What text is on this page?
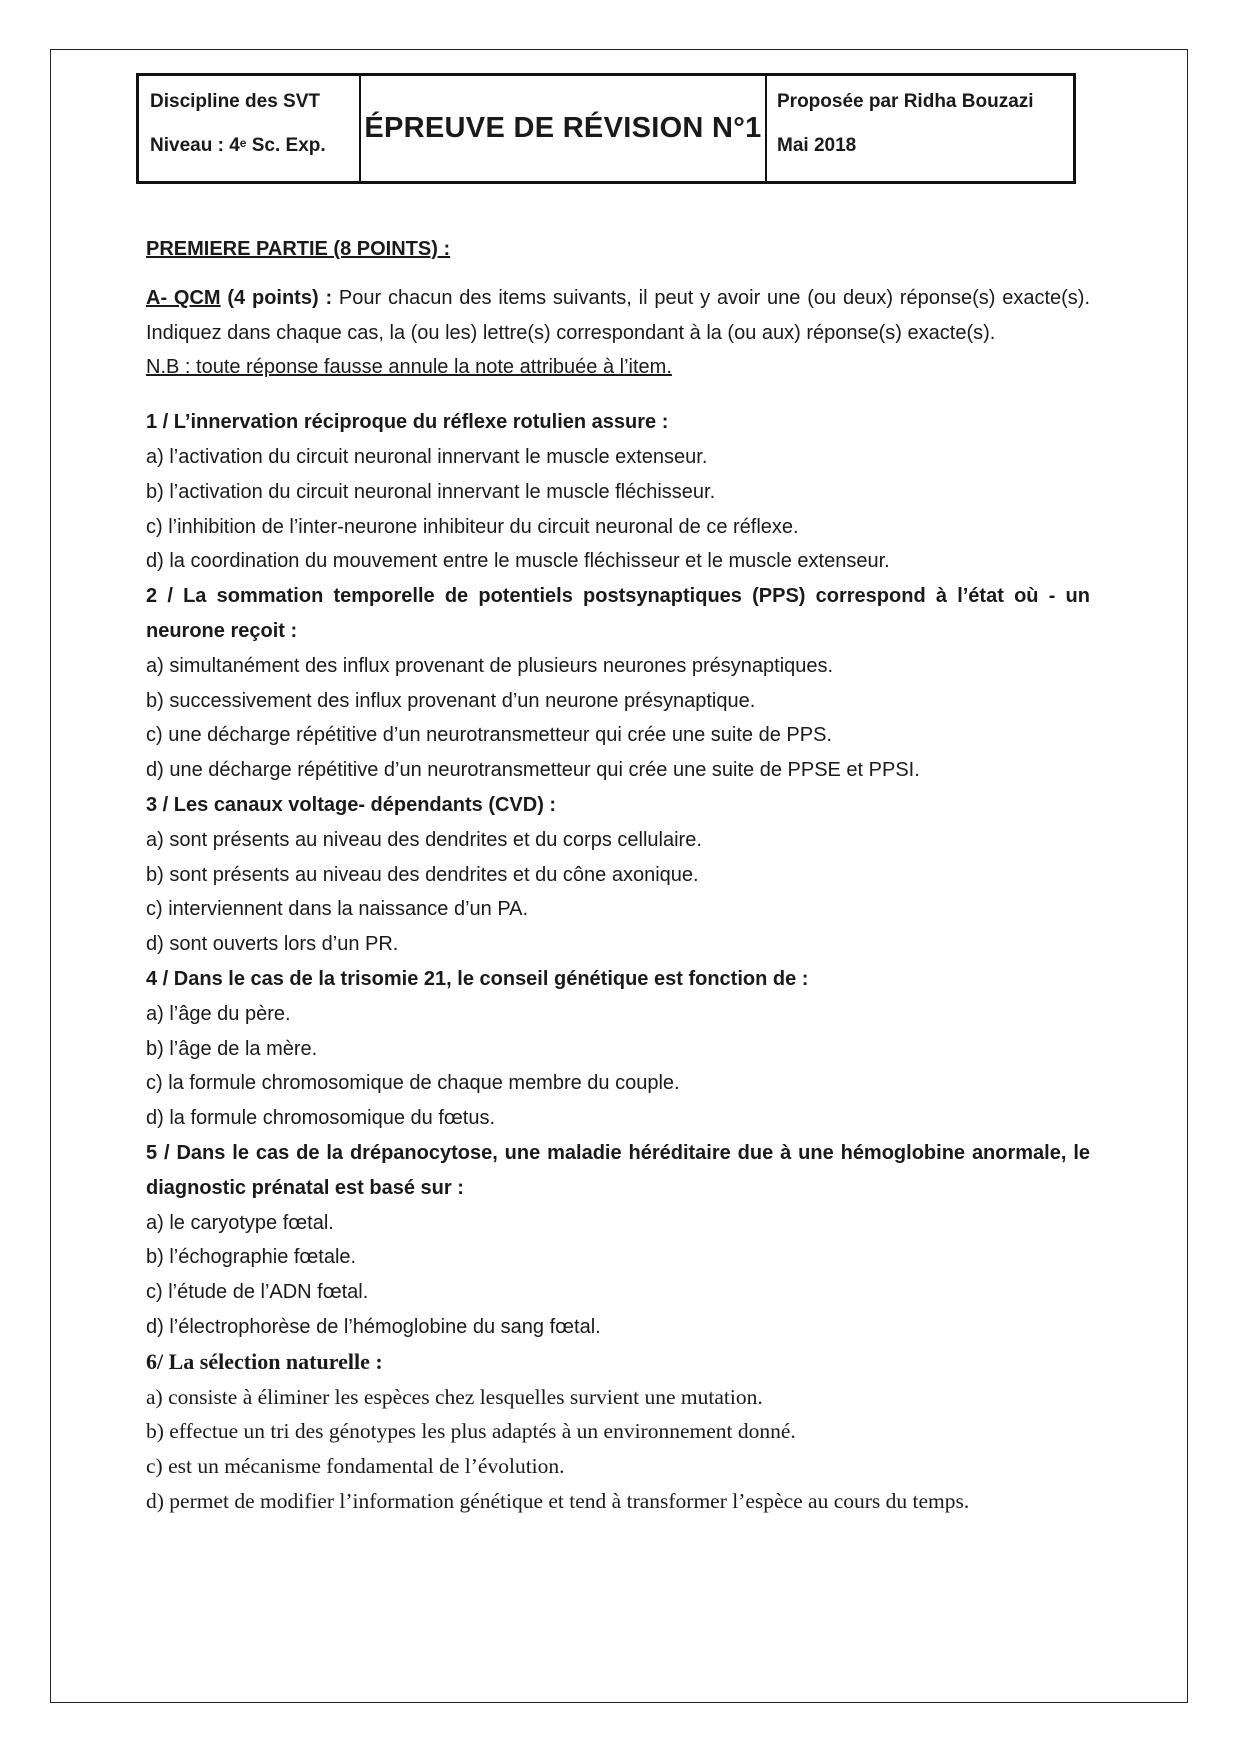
Discipline des SVT
Niveau : 4e Sc. Exp.
ÉPREUVE DE RÉVISION N°1
Proposée par Ridha Bouzazi
Mai 2018

PREMIERE PARTIE (8 POINTS) :

A- QCM (4 points) : Pour chacun des items suivants, il peut y avoir une (ou deux) réponse(s) exacte(s). Indiquez dans chaque cas, la (ou les) lettre(s) correspondant à la (ou aux) réponse(s) exacte(s).

N.B : toute réponse fausse annule la note attribuée à l’item.

1 / L’innervation réciproque du réflexe rotulien assure :

a) l’activation du circuit neuronal innervant le muscle extenseur.

b) l’activation du circuit neuronal innervant le muscle fléchisseur.

c) l’inhibition de l’inter-neurone inhibiteur du circuit neuronal de ce réflexe.

d) la coordination du mouvement entre le muscle fléchisseur et le muscle extenseur.

2 / La sommation temporelle de potentiels postsynaptiques (PPS) correspond à l’état où - un neurone reçoit :

a) simultanément des influx provenant de plusieurs neurones présynaptiques.

b) successivement des influx provenant d’un neurone présynaptique.

c) une décharge répétitive d’un neurotransmetteur qui crée une suite de PPS.

d) une décharge répétitive d’un neurotransmetteur qui crée une suite de PPSE et PPSI.

3 / Les canaux voltage- dépendants (CVD) :

a) sont présents au niveau des dendrites et du corps cellulaire.

b) sont présents au niveau des dendrites et du cône axonique.

c) interviennent dans la naissance d’un PA.

d) sont ouverts lors d’un PR.

4 / Dans le cas de la trisomie 21, le conseil génétique est fonction de :

a) l’âge du père.

b) l’âge de la mère.

c) la formule chromosomique de chaque membre du couple.

d) la formule chromosomique du fœtus.

5 / Dans le cas de la drépanocytose, une maladie héréditaire due à une hémoglobine anormale, le diagnostic prénatal est basé sur :

a) le caryotype fœtal.

b) l’échographie fœtale.

c) l’étude de l’ADN fœtal.

d) l’électrophorèse de l’hémoglobine du sang fœtal.

6/ La sélection naturelle :

a) consiste à éliminer les espèces chez lesquelles survient une mutation.

b) effectue un tri des génotypes les plus adaptés à un environnement donné.

c) est un mécanisme fondamental de l’évolution.

d) permet de modifier l’information génétique et tend à transformer l’espèce au cours du temps.
